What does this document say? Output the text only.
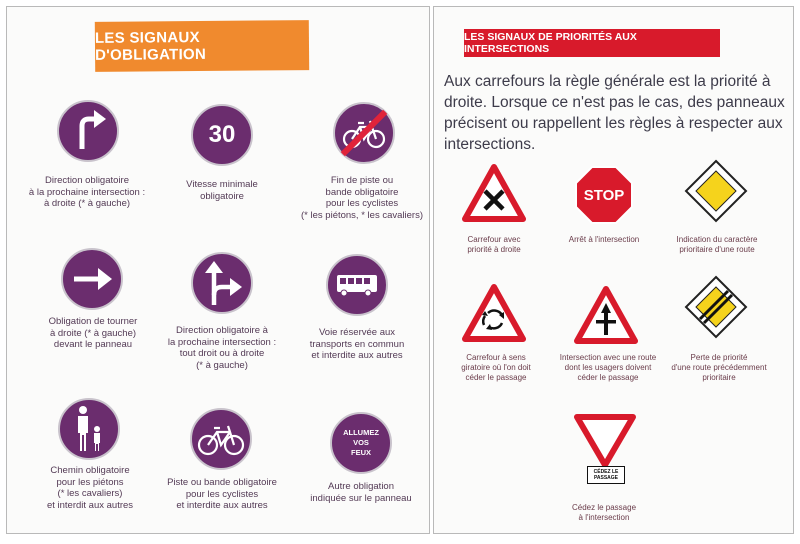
LES SIGNAUX D'OBLIGATION
Direction obligatoire
à la prochaine intersection :
à droite (* à gauche)
30
Vitesse minimale
obligatoire
Fin de piste ou
bande obligatoire
pour les cyclistes
(* les piétons, * les cavaliers)
Obligation de tourner
à droite (* à gauche)
devant le panneau
Direction obligatoire à
la prochaine intersection :
tout droit ou à droite
(* à gauche)
Voie réservée aux
transports en commun
et interdite aux autres
Chemin obligatoire
pour les piétons
(* les cavaliers)
et interdit aux autres
Piste ou bande obligatoire
pour les cyclistes
et interdite aux autres
ALLUMEZ
VOS
FEUX
Autre obligation
indiquée sur le panneau
LES SIGNAUX DE PRIORITÉS AUX INTERSECTIONS
Aux carrefours la règle générale est la priorité à droite. Lorsque ce n'est pas le cas, des panneaux précisent ou rappellent les règles à respecter aux intersections.
Carrefour avec
priorité à droite
STOP
Arrêt à l'intersection	Indication du caractère
prioritaire d'une route
Carrefour à sens
giratoire où l'on doit
céder le passage
Intersection avec une route
dont les usagers doivent
céder le passage
Perte de priorité
d'une route précédemment
prioritaire
CÉDEZ LE
PASSAGE
Cédez le passage
à l'intersection
